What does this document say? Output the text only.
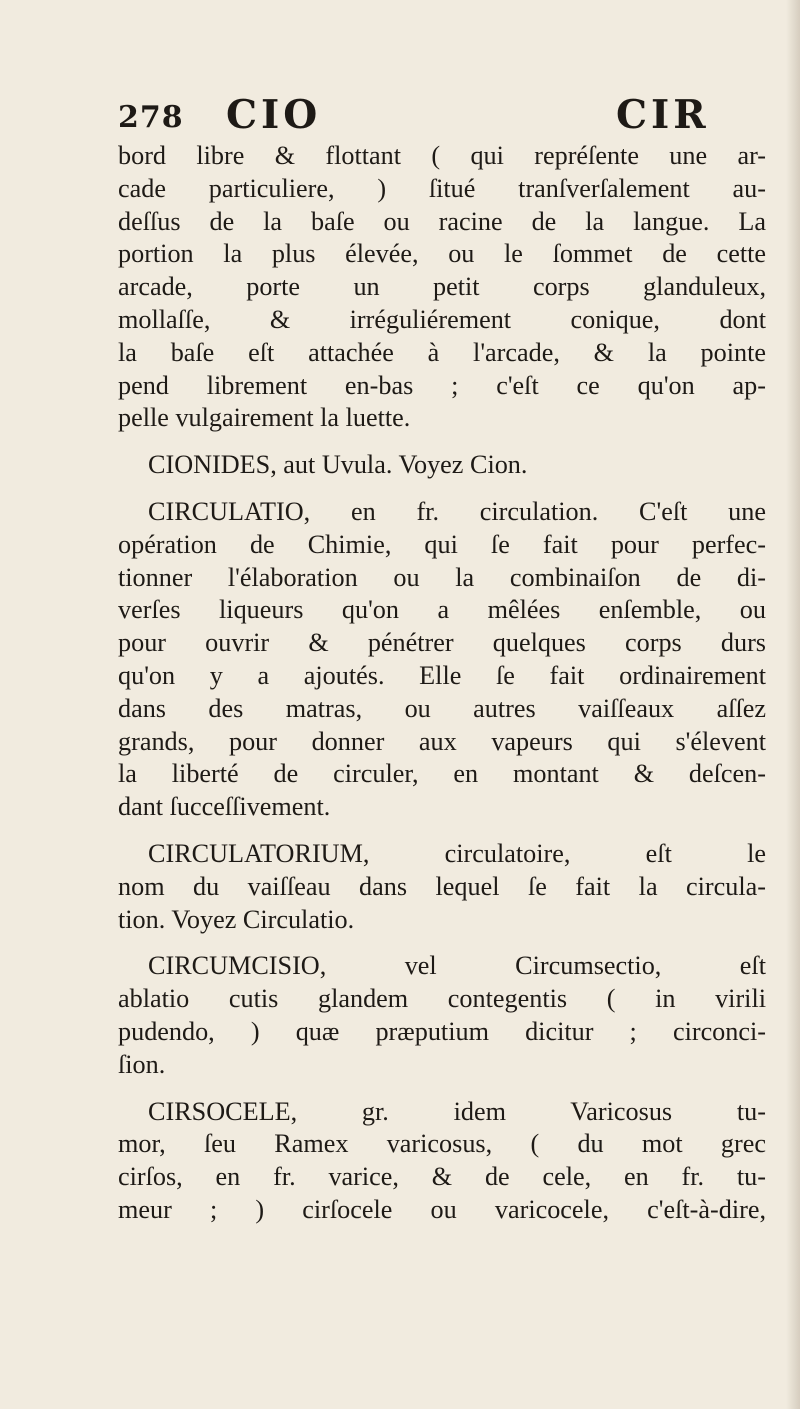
278 CIO	CIR
bord libre & flottant ( qui repréſente une ar-
cade particuliere, ) ſitué tranſverſalement au-
deſſus de la baſe ou racine de la langue. La
portion la plus élevée, ou le ſommet de cette
arcade, porte un petit corps glanduleux,
mollaſſe, & irréguliérement conique, dont
la baſe eſt attachée à l'arcade, & la pointe
pend librement en-bas ; c'eſt ce qu'on ap-
pelle vulgairement la luette.
CIONIDES, aut Uvula. Voyez Cion.
CIRCULATIO, en fr. circulation. C'eſt une
opération de Chimie, qui ſe fait pour perfec-
tionner l'élaboration ou la combinaiſon de di-
verſes liqueurs qu'on a mêlées enſemble, ou
pour ouvrir & pénétrer quelques corps durs
qu'on y a ajoutés. Elle ſe fait ordinairement
dans des matras, ou autres vaiſſeaux aſſez
grands, pour donner aux vapeurs qui s'élevent
la liberté de circuler, en montant & deſcen-
dant ſucceſſivement.
CIRCULATORIUM, circulatoire, eſt le
nom du vaiſſeau dans lequel ſe fait la circula-
tion. Voyez Circulatio.
CIRCUMCISIO, vel Circumsectio, eſt
ablatio cutis glandem contegentis ( in virili
pudendo, ) quæ præputium dicitur ; circonci-
ſion.
CIRSOCELE, gr. idem Varicosus tu-
mor, ſeu Ramex varicosus, ( du mot grec
cirſos, en fr. varice, & de cele, en fr. tu-
meur ; ) cirſocele ou varicocele, c'eſt-à-dire,
